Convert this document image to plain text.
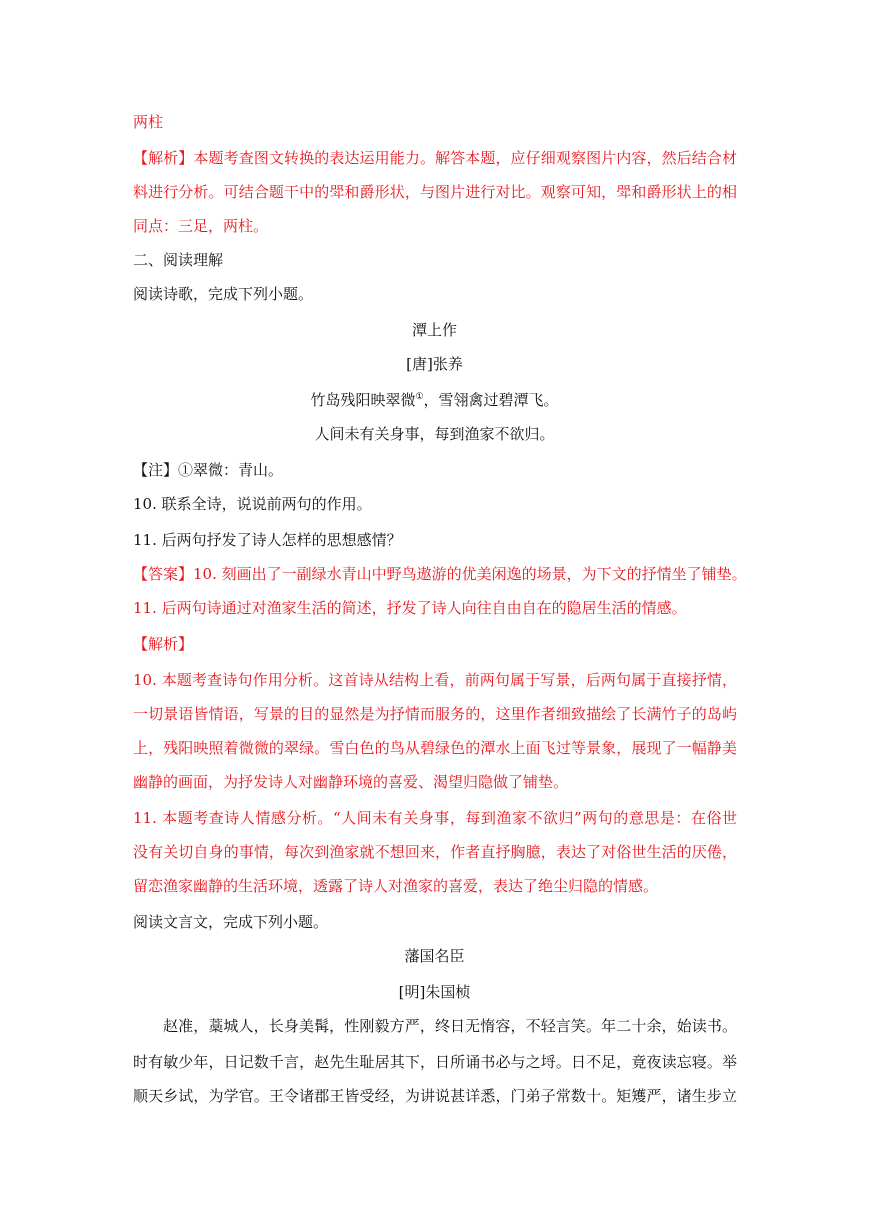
两柱
【解析】本题考查图文转换的表达运用能力。解答本题，应仔细观察图片内容，然后结合材
料进行分析。可结合题干中的斝和爵形状，与图片进行对比。观察可知，斝和爵形状上的相
同点：三足，两柱。
二、阅读理解
阅读诗歌，完成下列小题。
潭上作
[唐]张养
竹岛残阳映翠微①，雪翎禽过碧潭飞。
人间未有关身事，每到渔家不欲归。
【注】①翠微：青山。
10. 联系全诗，说说前两句的作用。
11. 后两句抒发了诗人怎样的思想感情？
【答案】10. 刻画出了一副绿水青山中野鸟遨游的优美闲逸的场景，为下文的抒情坐了铺垫。
11. 后两句诗通过对渔家生活的简述，抒发了诗人向往自由自在的隐居生活的情感。
【解析】
10. 本题考查诗句作用分析。这首诗从结构上看，前两句属于写景，后两句属于直接抒情，
一切景语皆情语，写景的目的显然是为抒情而服务的，这里作者细致描绘了长满竹子的岛屿
上，残阳映照着微微的翠绿。雪白色的鸟从碧绿色的潭水上面飞过等景象，展现了一幅静美
幽静的画面，为抒发诗人对幽静环境的喜爱、渴望归隐做了铺垫。
11. 本题考查诗人情感分析。“人间未有关身事，每到渔家不欲归”两句的意思是：在俗世
没有关切自身的事情，每次到渔家就不想回来，作者直抒胸臆，表达了对俗世生活的厌倦，
留恋渔家幽静的生活环境，透露了诗人对渔家的喜爱，表达了绝尘归隐的情感。
阅读文言文，完成下列小题。
藩国名臣
[明]朱国桢
赵准，藁城人，长身美髯，性刚毅方严，终日无惰容，不轻言笑。年二十余，始读书。
时有敏少年，日记数千言，赵先生耻居其下，日所诵书必与之埒。日不足，竟夜读忘寝。举
顺天乡试，为学官。王令诸郡王皆受经，为讲说甚详悉，门弟子常数十。矩矱严，诸生步立
